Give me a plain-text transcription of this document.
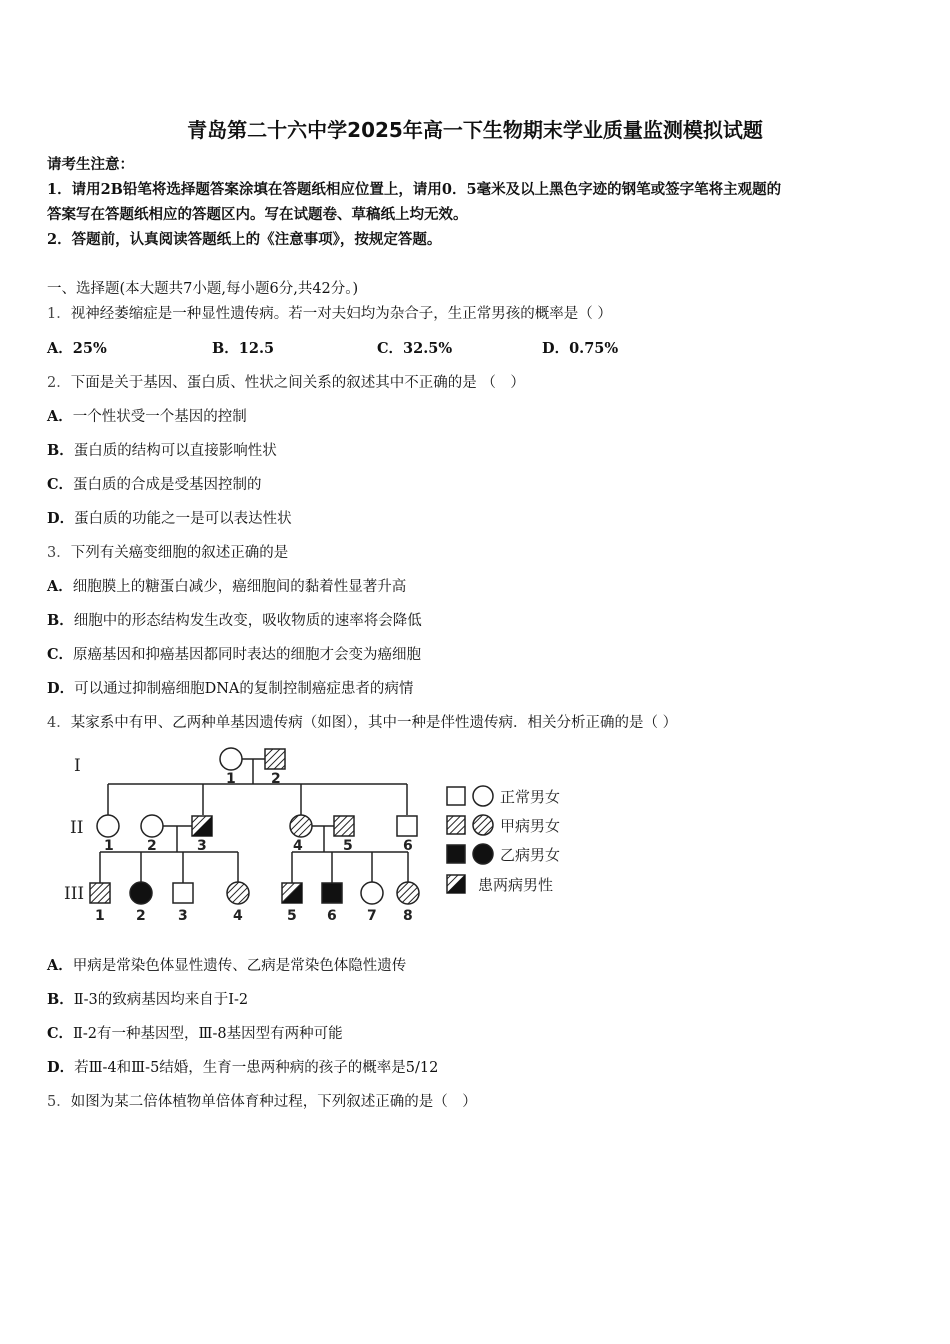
青岛第二十六中学2025年高一下生物期末学业质量监测模拟试题
请考生注意：
1．请用2B铅笔将选择题答案涂填在答题纸相应位置上，请用0．5毫米及以上黑色字迹的钢笔或签字笔将主观题的
答案写在答题纸相应的答题区内。写在试题卷、草稿纸上均无效。
2．答题前，认真阅读答题纸上的《注意事项》，按规定答题。
一、选择题(本大题共7小题,每小题6分,共42分。)
1．视神经萎缩症是一种显性遗传病。若一对夫妇均为杂合子，生正常男孩的概率是（ ）
A．25%	B．12.5	C．32.5%	D．0.75%
2．下面是关于基因、蛋白质、性状之间关系的叙述其中不正确的是 （　）
A．一个性状受一个基因的控制
B．蛋白质的结构可以直接影响性状
C．蛋白质的合成是受基因控制的
D．蛋白质的功能之一是可以表达性状
3．下列有关癌变细胞的叙述正确的是
A．细胞膜上的糖蛋白减少，癌细胞间的黏着性显著升高
B．细胞中的形态结构发生改变，吸收物质的速率将会降低
C．原癌基因和抑癌基因都同时表达的细胞才会变为癌细胞
D．可以通过抑制癌细胞DNA的复制控制癌症患者的病情
4．某家系中有甲、乙两种单基因遗传病（如图），其中一种是伴性遗传病．相关分析正确的是（ ）
I
II
III
1	2
1 2	3	4	5	6
1 2 3	4	5 6 7 8
正常男女
甲病男女
乙病男女
患两病男性
A．甲病是常染色体显性遗传、乙病是常染色体隐性遗传
B．Ⅱ-3的致病基因均来自于Ⅰ-2
C．Ⅱ-2有一种基因型，Ⅲ-8基因型有两种可能
D．若Ⅲ-4和Ⅲ-5结婚，生育一患两种病的孩子的概率是5/12
5．如图为某二倍体植物单倍体育种过程，下列叙述正确的是（　）
